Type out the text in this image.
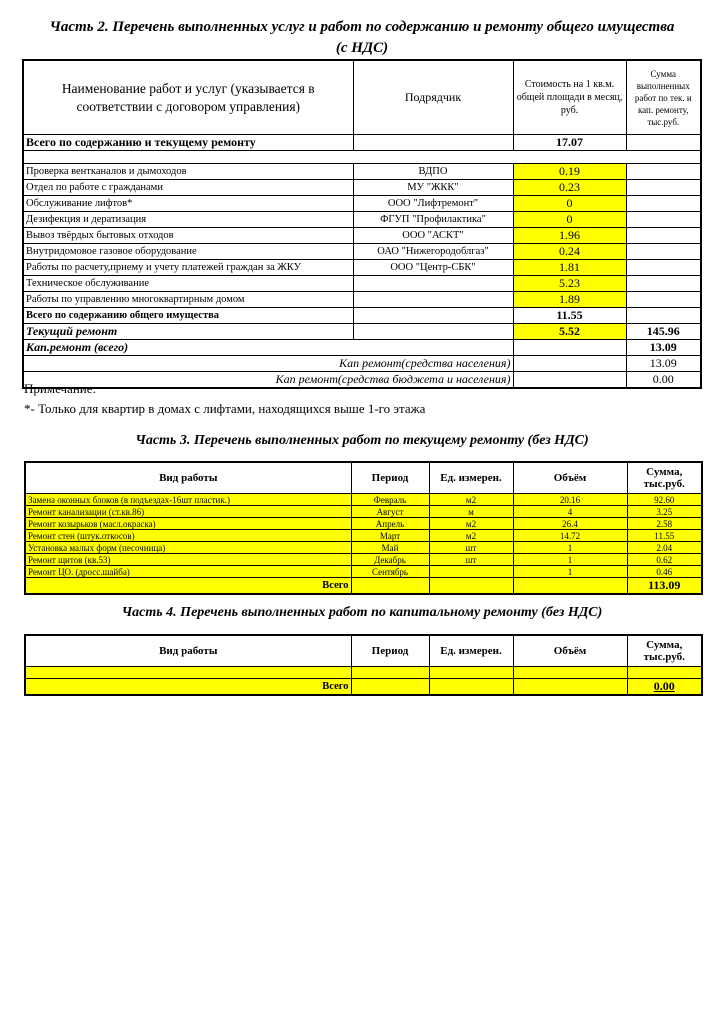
Часть 2. Перечень выполненных услуг и работ по содержанию и ремонту общего имущества
(с НДС)
Наименование работ и услуг (указывается в соответствии с договором управления)	Подрядчик	Стоимость на 1 кв.м. общей площади в месяц, руб.	Сумма выполненных работ по тек. и кап. ремонту, тыс.руб.
Всего по содержанию и текущему ремонту		17.07	

Проверка вентканалов и дымоходов	ВДПО	0.19	
Отдел по работе с гражданами	МУ "ЖКК"	0.23	
Обслуживание лифтов*	ООО "Лифтремонт"	0	
Дезифекция и дератизация	ФГУП "Профилактика"	0	
Вывоз твёрдых бытовых отходов	ООО "АСКТ"	1.96	
Внутридомовое газовое оборудование	ОАО "Нижегородоблгаз"	0.24	
Работы по расчету,приему и учету платежей граждан за ЖКУ	ООО "Центр-СБК"	1.81	
Техническое обслуживание		5.23	
Работы по управлению многоквартирным домом		1.89	
Всего по содержанию общего имущества		11.55	
Текущий ремонт		5.52	145.96
Кап.ремонт (всего)			13.09
Кап ремонт(средства населения)			13.09
Кап ремонт(средства бюджета и населения)			0.00
Примечание:
*- Только для квартир в домах с лифтами, находящихся выше 1-го этажа
Часть 3. Перечень выполненных работ по текущему ремонту (без НДС)
Вид работы	Период	Ед. измерен.	Объём	Сумма, тыс.руб.
Замена оконных блоков (в подъездах-16шт пластик.)	Февраль	м2	20.16	92.60
Ремонт канализации (ст.кв.86)	Август	м	4	3.25
Ремонт козырьков (масл.окраска)	Апрель	м2	26.4	2.58
Ремонт стен (штук.откосов)	Март	м2	14.72	11.55
Установка малых форм (песочница)	Май	шт	1	2.04
Ремонт щитов (кв.53)	Декабрь	шт	1	0.62
Ремонт ЦО. (дросс.шайба)	Сентябрь		1	0.46
Всего				113.09
Часть 4. Перечень выполненных работ по капитальному ремонту (без НДС)
Вид работы	Период	Ед. измерен.	Объём	Сумма, тыс.руб.

Всего				0.00
